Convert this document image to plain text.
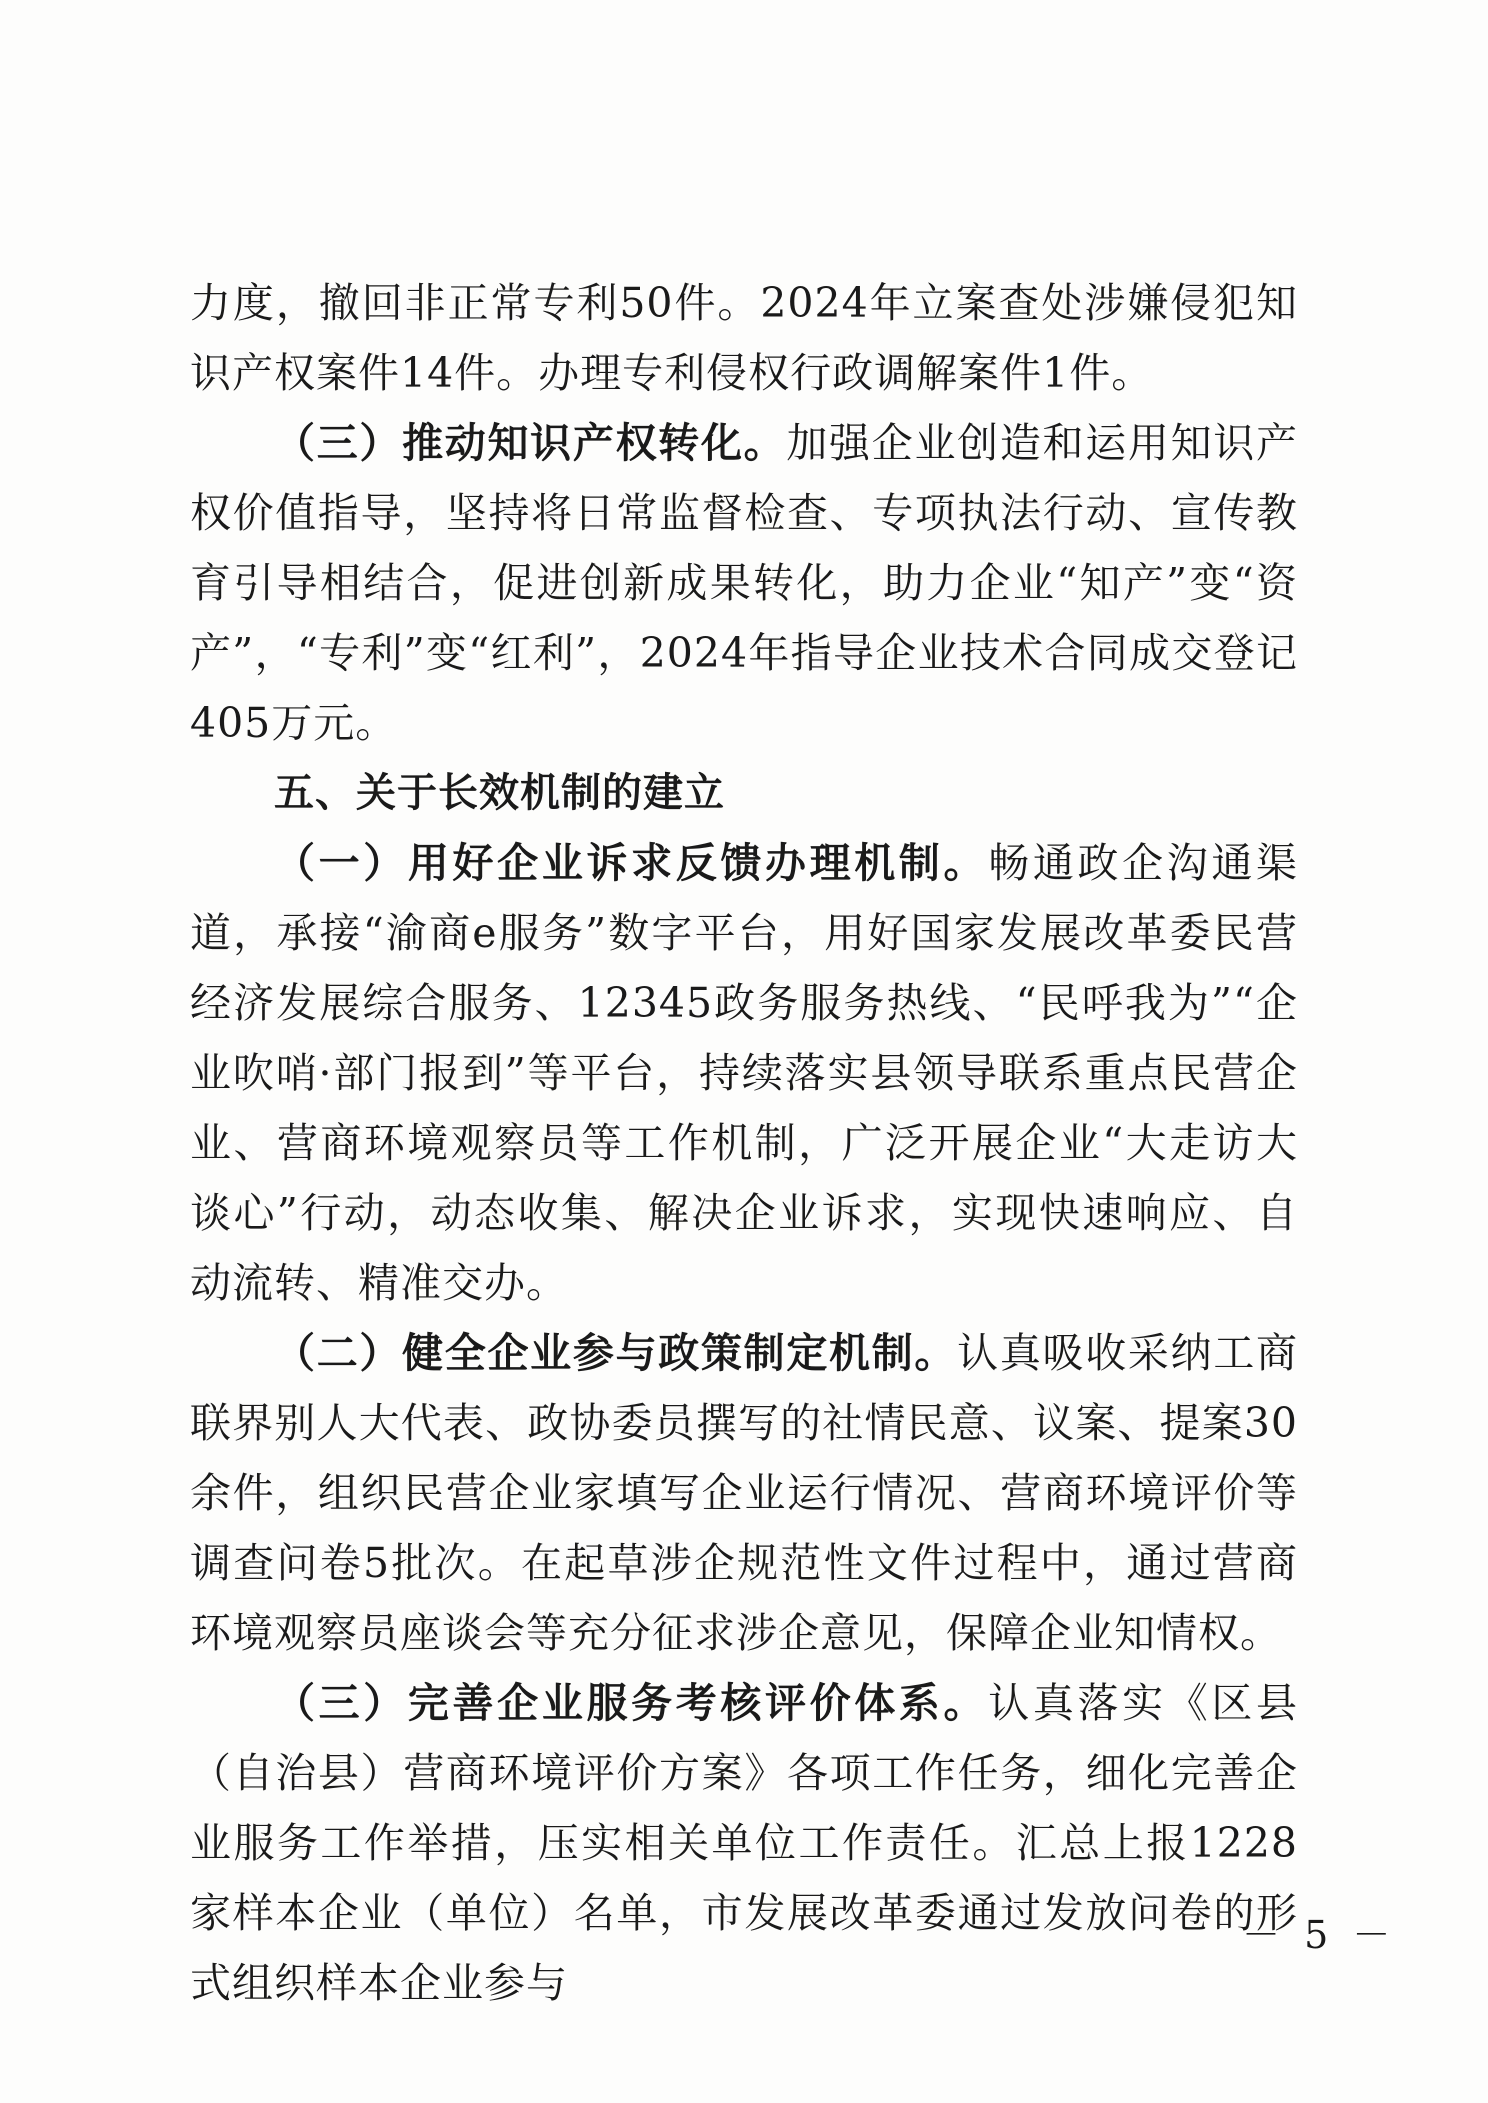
力度，撤回非正常专利50件。2024年立案查处涉嫌侵犯知识产权案件14件。办理专利侵权行政调解案件1件。

（三）推动知识产权转化。加强企业创造和运用知识产权价值指导，坚持将日常监督检查、专项执法行动、宣传教育引导相结合，促进创新成果转化，助力企业“知产”变“资产”，“专利”变“红利”，2024年指导企业技术合同成交登记405万元。

五、关于长效机制的建立

（一）用好企业诉求反馈办理机制。畅通政企沟通渠道，承接“渝商e服务”数字平台，用好国家发展改革委民营经济发展综合服务、12345政务服务热线、“民呼我为”“企业吹哨·部门报到”等平台，持续落实县领导联系重点民营企业、营商环境观察员等工作机制，广泛开展企业“大走访大谈心”行动，动态收集、解决企业诉求，实现快速响应、自动流转、精准交办。

（二）健全企业参与政策制定机制。认真吸收采纳工商联界别人大代表、政协委员撰写的社情民意、议案、提案30余件，组织民营企业家填写企业运行情况、营商环境评价等调查问卷5批次。在起草涉企规范性文件过程中，通过营商环境观察员座谈会等充分征求涉企意见，保障企业知情权。

（三）完善企业服务考核评价体系。认真落实《区县（自治县）营商环境评价方案》各项工作任务，细化完善企业服务工作举措，压实相关单位工作责任。汇总上报1228家样本企业（单位）名单，市发展改革委通过发放问卷的形式组织样本企业参与

－ 5 －
